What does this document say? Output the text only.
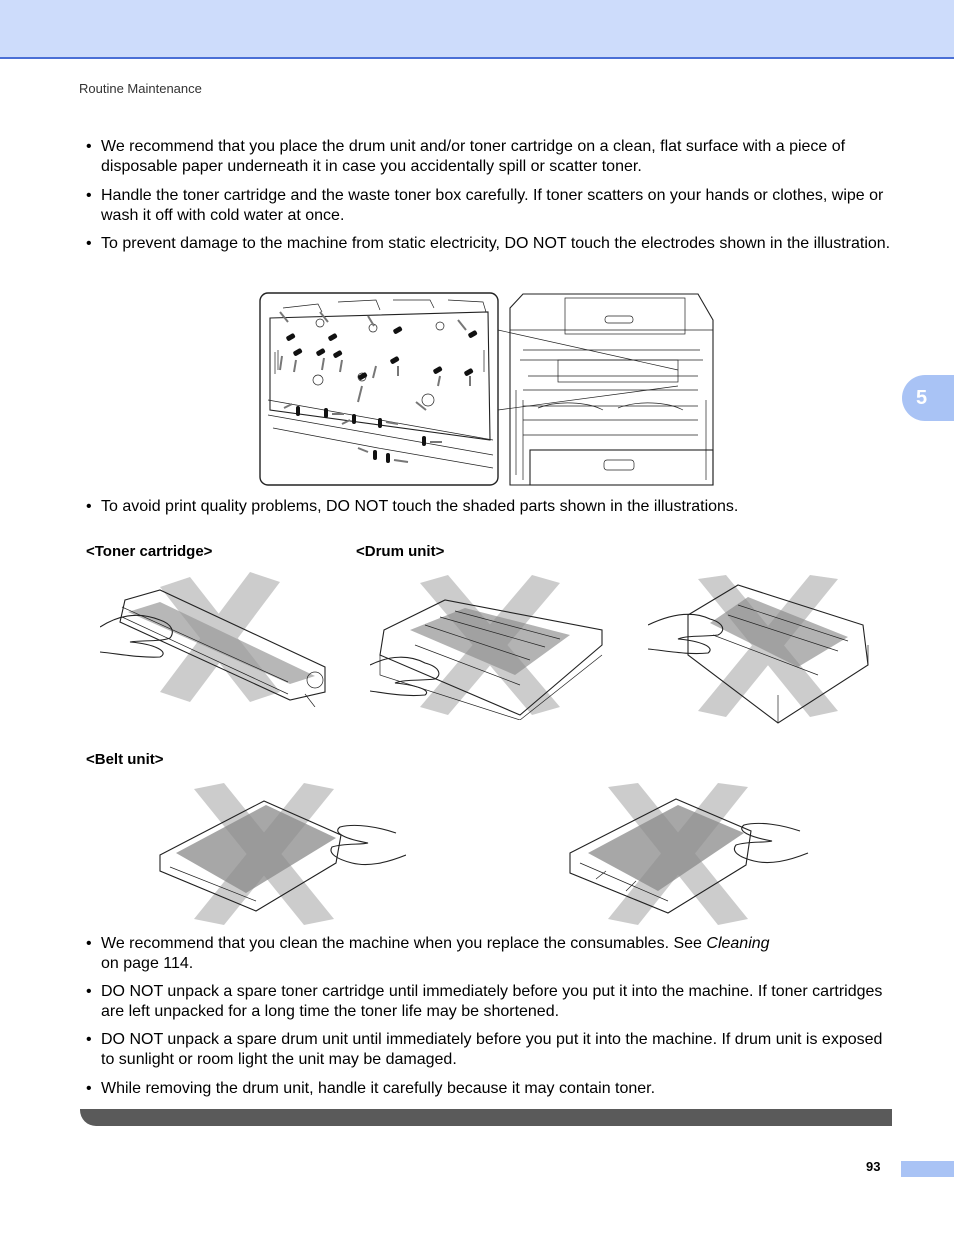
Routine Maintenance
5
• We recommend that you place the drum unit and/or toner cartridge on a clean, flat surface with a piece of disposable paper underneath it in case you accidentally spill or scatter toner.
• Handle the toner cartridge and the waste toner box carefully. If toner scatters on your hands or clothes, wipe or wash it off with cold water at once.
• To prevent damage to the machine from static electricity, DO NOT touch the electrodes shown in the illustration.
• To avoid print quality problems, DO NOT touch the shaded parts shown in the illustrations.
<Toner cartridge>	<Drum unit>
<Belt unit>
• We recommend that you clean the machine when you replace the consumables. See Cleaning
on page 114.
• DO NOT unpack a spare toner cartridge until immediately before you put it into the machine. If toner cartridges are left unpacked for a long time the toner life may be shortened.
• DO NOT unpack a spare drum unit until immediately before you put it into the machine. If drum unit is exposed to sunlight or room light the unit may be damaged.
• While removing the drum unit, handle it carefully because it may contain toner.
93
